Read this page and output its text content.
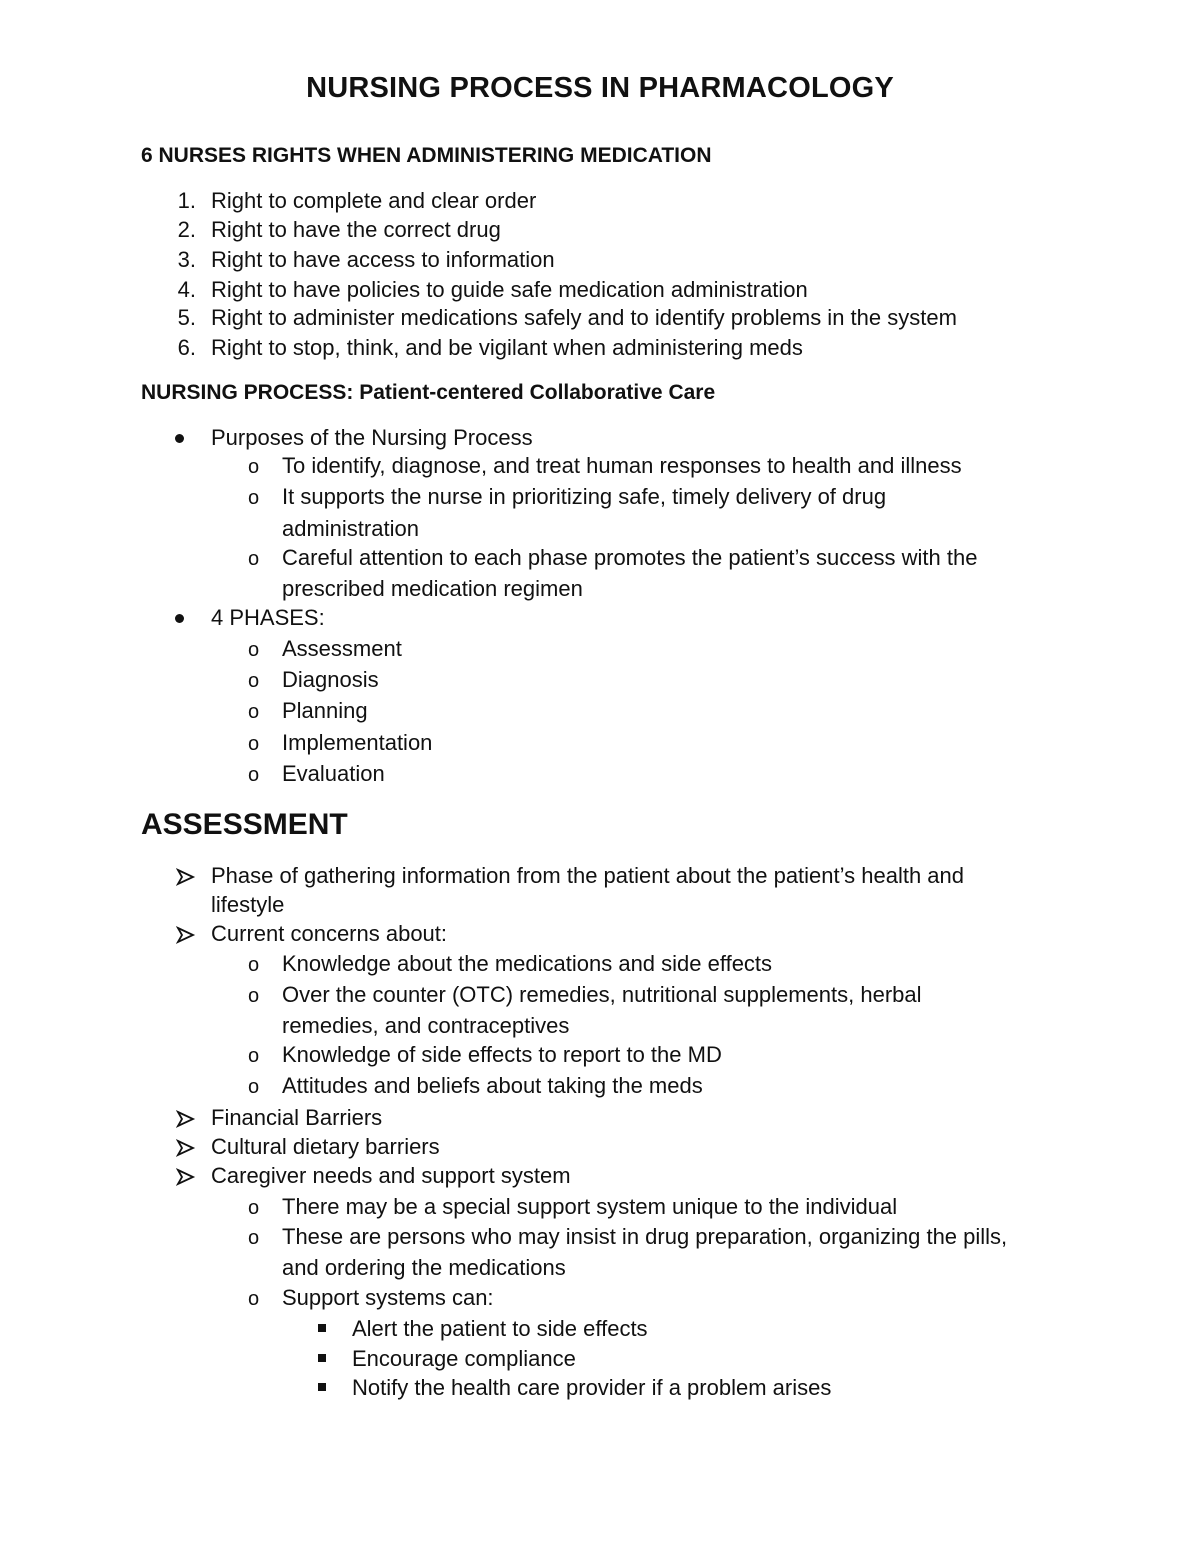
NURSING PROCESS IN PHARMACOLOGY
6 NURSES RIGHTS WHEN ADMINISTERING MEDICATION
1. Right to complete and clear order
2. Right to have the correct drug
3. Right to have access to information
4. Right to have policies to guide safe medication administration
5. Right to administer medications safely and to identify problems in the system
6. Right to stop, think, and be vigilant when administering meds
NURSING PROCESS: Patient-centered Collaborative Care
Purposes of the Nursing Process
o To identify, diagnose, and treat human responses to health and illness
o It supports the nurse in prioritizing safe, timely delivery of drug
administration
o Careful attention to each phase promotes the patient’s success with the
prescribed medication regimen
4 PHASES:
o Assessment
o Diagnosis
o Planning
o Implementation
o Evaluation
ASSESSMENT
Phase of gathering information from the patient about the patient’s health and
lifestyle
Current concerns about:
o Knowledge about the medications and side effects
o Over the counter (OTC) remedies, nutritional supplements, herbal
remedies, and contraceptives
o Knowledge of side effects to report to the MD
o Attitudes and beliefs about taking the meds
Financial Barriers
Cultural dietary barriers
Caregiver needs and support system
o There may be a special support system unique to the individual
o These are persons who may insist in drug preparation, organizing the pills,
and ordering the medications
o Support systems can:
Alert the patient to side effects
Encourage compliance
Notify the health care provider if a problem arises
